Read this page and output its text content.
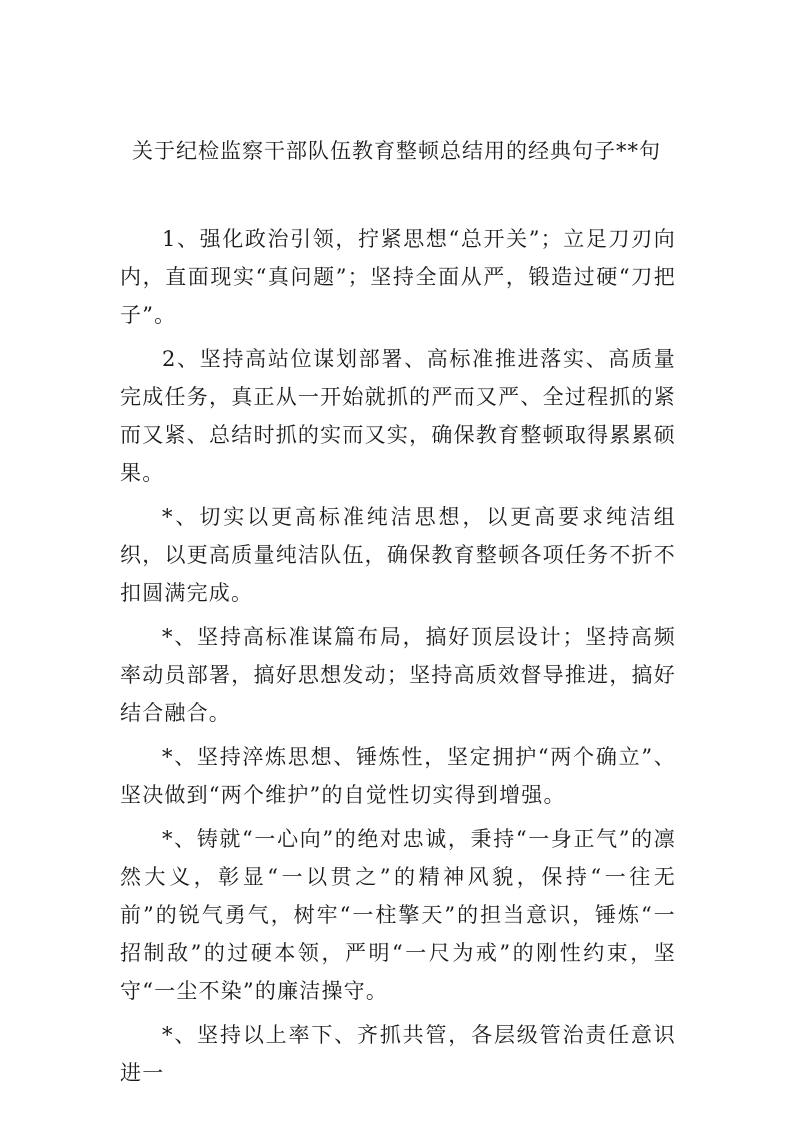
关于纪检监察干部队伍教育整顿总结用的经典句子**句

1、强化政治引领，拧紧思想“总开关”；立足刀刃向内，直面现实“真问题”；坚持全面从严，锻造过硬“刀把子”。

2、坚持高站位谋划部署、高标准推进落实、高质量完成任务，真正从一开始就抓的严而又严、全过程抓的紧而又紧、总结时抓的实而又实，确保教育整顿取得累累硕果。

*、切实以更高标准纯洁思想，以更高要求纯洁组织，以更高质量纯洁队伍，确保教育整顿各项任务不折不扣圆满完成。

*、坚持高标准谋篇布局，搞好顶层设计；坚持高频率动员部署，搞好思想发动；坚持高质效督导推进，搞好结合融合。

*、坚持淬炼思想、锤炼性，坚定拥护“两个确立”、坚决做到“两个维护”的自觉性切实得到增强。

*、铸就“一心向”的绝对忠诚，秉持“一身正气”的凛然大义，彰显“一以贯之”的精神风貌，保持“一往无前”的锐气勇气，树牢“一柱擎天”的担当意识，锤炼“一招制敌”的过硬本领，严明“一尺为戒”的刚性约束，坚守“一尘不染”的廉洁操守。

*、坚持以上率下、齐抓共管，各层级管治责任意识进一
